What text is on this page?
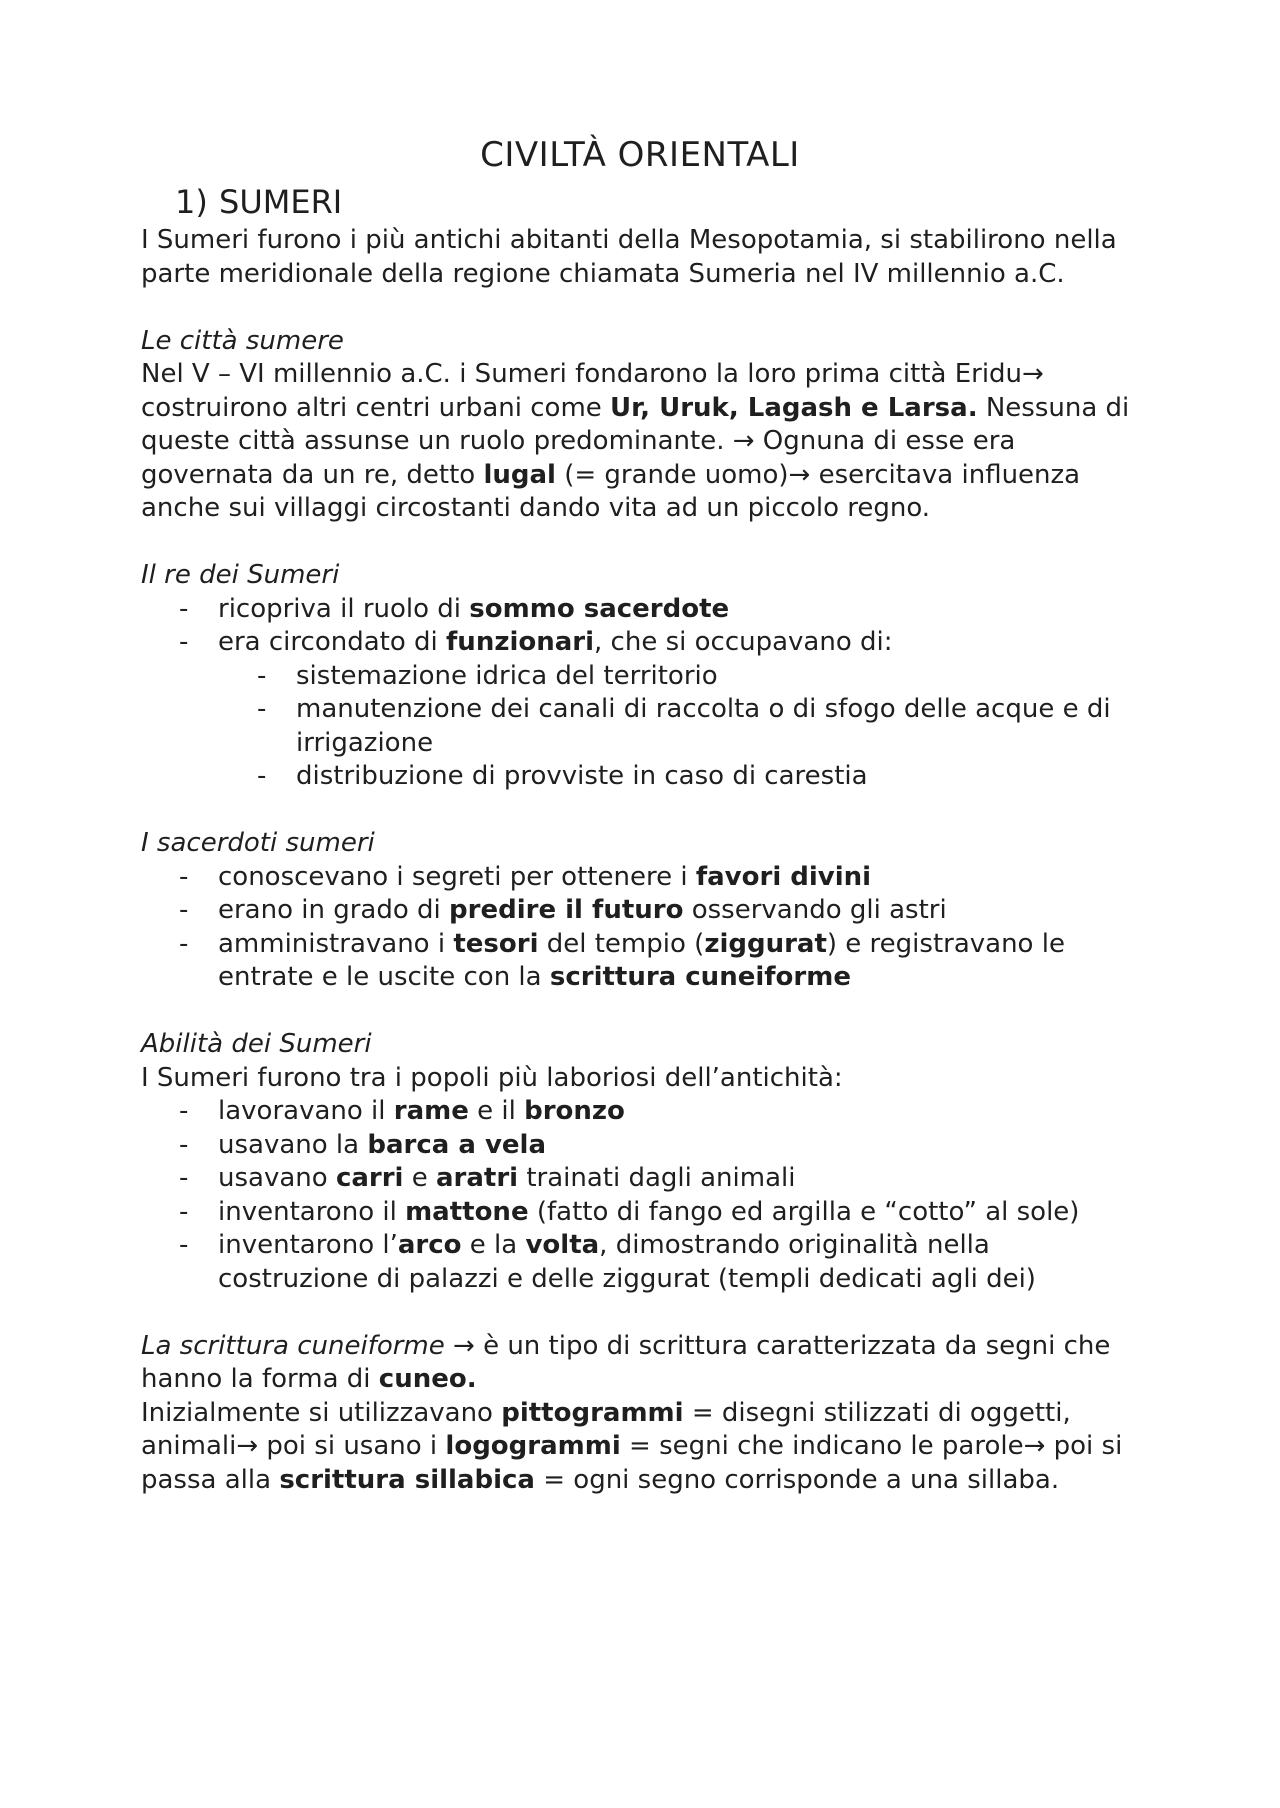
CIVILTÀ ORIENTALI
1) SUMERI

I Sumeri furono i più antichi abitanti della Mesopotamia, si stabilirono nella parte meridionale della regione chiamata Sumeria nel IV millennio a.C.

Le città sumere

Nel V – VI millennio a.C. i Sumeri fondarono la loro prima città Eridu→ costruirono altri centri urbani come Ur, Uruk, Lagash e Larsa. Nessuna di queste città assunse un ruolo predominante. → Ognuna di esse era governata da un re, detto lugal (= grande uomo)→ esercitava influenza anche sui villaggi circostanti dando vita ad un piccolo regno.

Il re dei Sumeri

- ricopriva il ruolo di sommo sacerdote
- era circondato di funzionari, che si occupavano di:
- sistemazione idrica del territorio
- manutenzione dei canali di raccolta o di sfogo delle acque e di irrigazione
- distribuzione di provviste in caso di carestia

I sacerdoti sumeri

- conoscevano i segreti per ottenere i favori divini
- erano in grado di predire il futuro osservando gli astri
- amministravano i tesori del tempio (ziggurat) e registravano le entrate e le uscite con la scrittura cuneiforme

Abilità dei Sumeri

I Sumeri furono tra i popoli più laboriosi dell’antichità:

- lavoravano il rame e il bronzo
- usavano la barca a vela
- usavano carri e aratri trainati dagli animali
- inventarono il mattone (fatto di fango ed argilla e “cotto” al sole)
- inventarono l’arco e la volta, dimostrando originalità nella costruzione di palazzi e delle ziggurat (templi dedicati agli dei)

La scrittura cuneiforme → è un tipo di scrittura caratterizzata da segni che hanno la forma di cuneo.

Inizialmente si utilizzavano pittogrammi = disegni stilizzati di oggetti, animali→ poi si usano i logogrammi = segni che indicano le parole→ poi si passa alla scrittura sillabica = ogni segno corrisponde a una sillaba.
